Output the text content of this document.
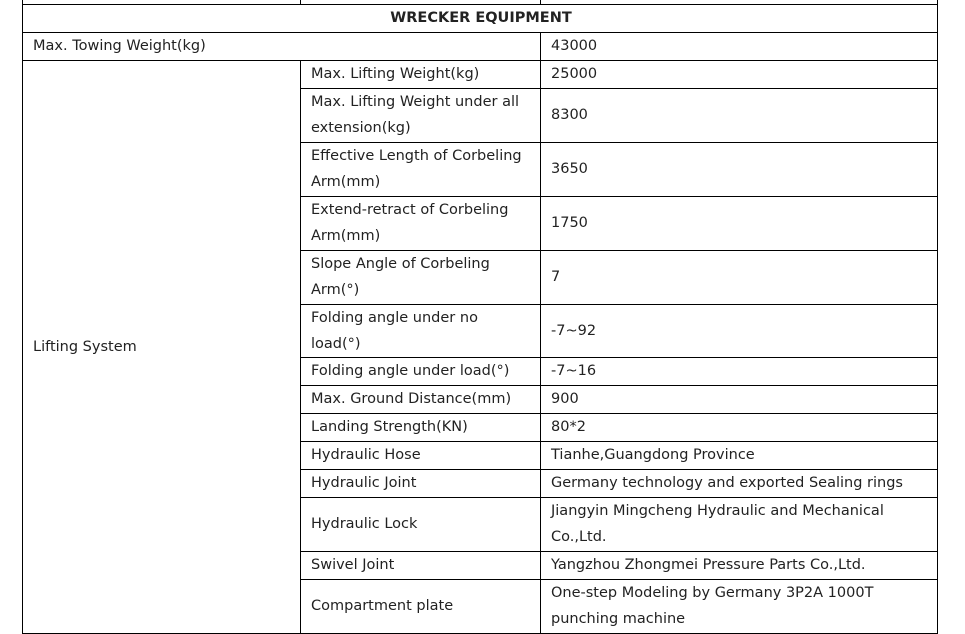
WRECKER EQUIPMENT		
Max. Towing Weight(kg)		43000
Lifting System	Max. Lifting Weight(kg)	25000
	Max. Lifting Weight under all extension(kg)	8300
	Effective Length of Corbeling Arm(mm)	3650
	Extend-retract of Corbeling Arm(mm)	1750
	Slope Angle of Corbeling Arm(°)	7
	Folding angle under no load(°)	-7~92
	Folding angle under load(°)	-7~16
	Max. Ground Distance(mm)	900
	Landing Strength(KN)	80*2
	Hydraulic Hose	Tianhe,Guangdong Province
	Hydraulic Joint	Germany technology and exported Sealing rings
	Hydraulic Lock	Jiangyin Mingcheng Hydraulic and Mechanical Co.,Ltd.
	Swivel Joint	Yangzhou Zhongmei Pressure Parts Co.,Ltd.
	Compartment plate	One-step Modeling by Germany 3P2A 1000T punching machine
